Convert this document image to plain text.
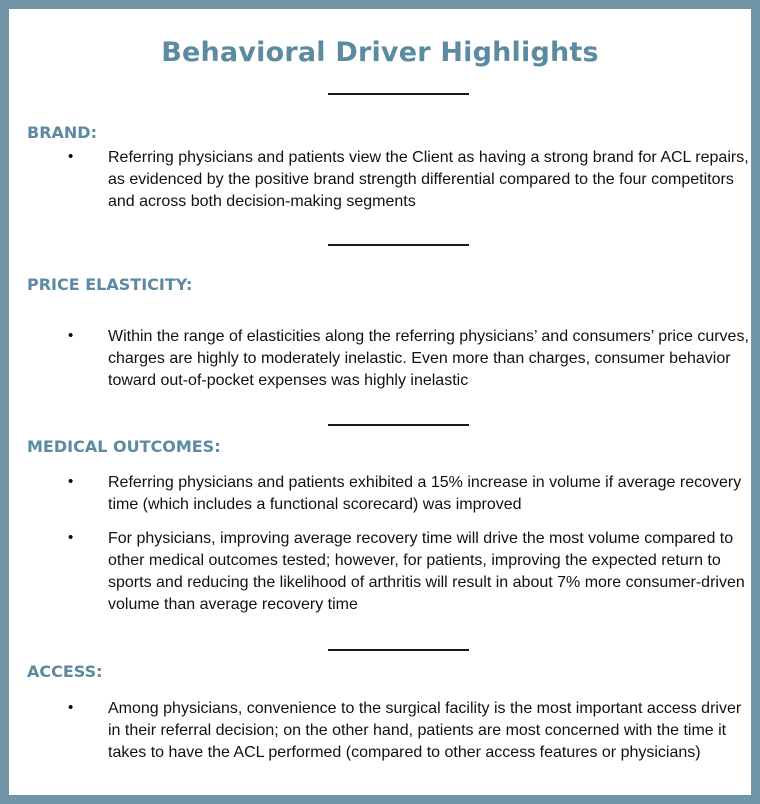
Behavioral Driver Highlights
BRAND:
• Referring physicians and patients view the Client as having a strong brand for ACL repairs, as evidenced by the positive brand strength differential compared to the four competitors and across both decision-making segments
PRICE ELASTICITY:
• Within the range of elasticities along the referring physicians’ and consumers’ price curves, charges are highly to moderately inelastic. Even more than charges, consumer behavior toward out-of-pocket expenses was highly inelastic
MEDICAL OUTCOMES:
• Referring physicians and patients exhibited a 15% increase in volume if average recovery time (which includes a functional scorecard) was improved
• For physicians, improving average recovery time will drive the most volume compared to other medical outcomes tested; however, for patients, improving the expected return to sports and reducing the likelihood of arthritis will result in about 7% more consumer-driven volume than average recovery time
ACCESS:
• Among physicians, convenience to the surgical facility is the most important access driver in their referral decision; on the other hand, patients are most concerned with the time it takes to have the ACL performed (compared to other access features or physicians)
